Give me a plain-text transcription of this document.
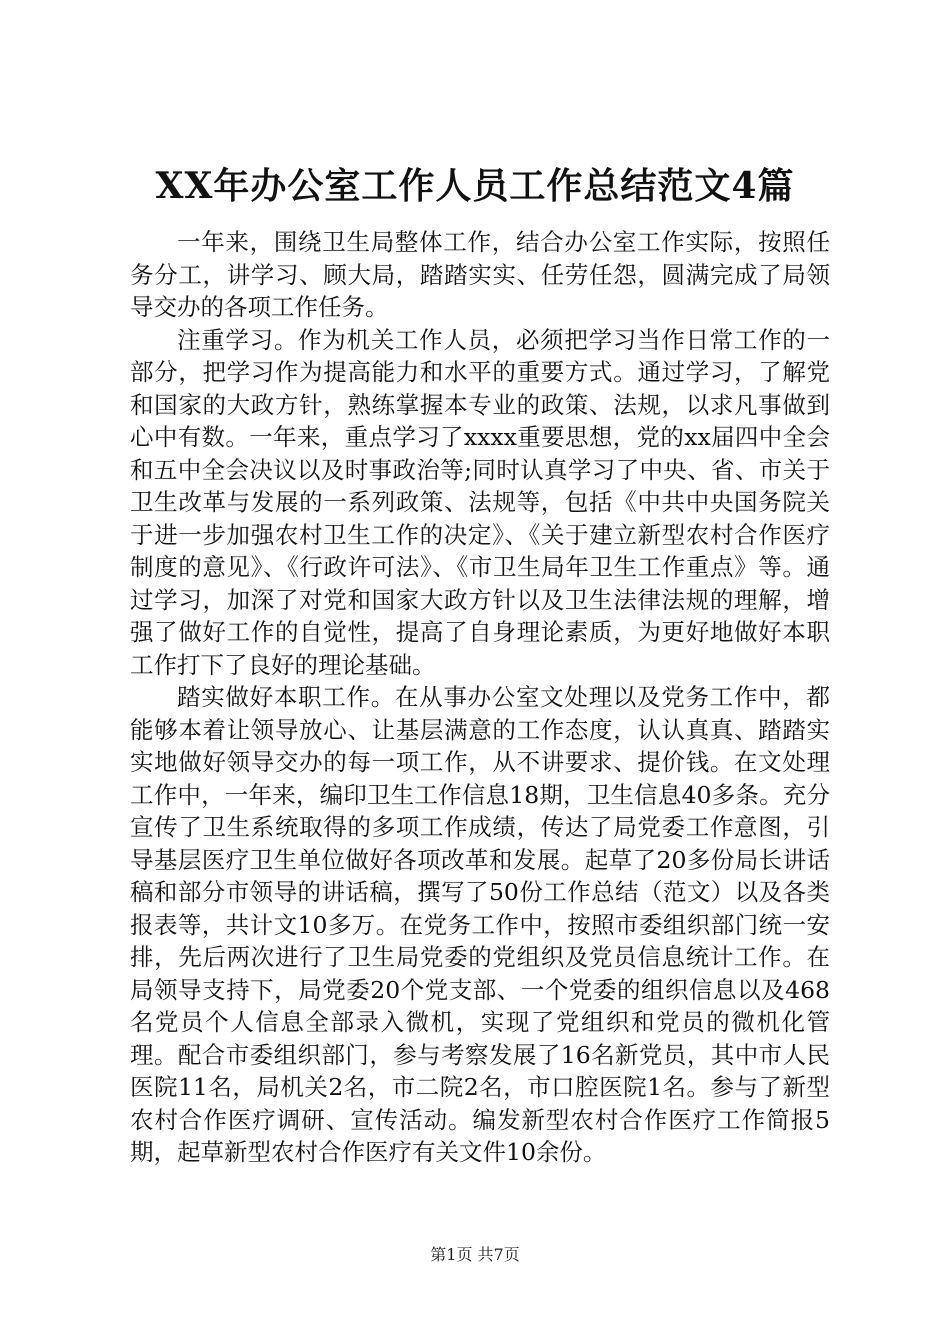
XX年办公室工作人员工作总结范文4篇

一年来，围绕卫生局整体工作，结合办公室工作实际，按照任务分工，讲学习、顾大局，踏踏实实、任劳任怨，圆满完成了局领导交办的各项工作任务。

注重学习。作为机关工作人员，必须把学习当作日常工作的一部分，把学习作为提高能力和水平的重要方式。通过学习，了解党和国家的大政方针，熟练掌握本专业的政策、法规，以求凡事做到心中有数。一年来，重点学习了xxxx重要思想，党的xx届四中全会和五中全会决议以及时事政治等;同时认真学习了中央、省、市关于卫生改革与发展的一系列政策、法规等，包括《中共中央国务院关于进一步加强农村卫生工作的决定》、《关于建立新型农村合作医疗制度的意见》、《行政许可法》、《市卫生局年卫生工作重点》等。通过学习，加深了对党和国家大政方针以及卫生法律法规的理解，增强了做好工作的自觉性，提高了自身理论素质，为更好地做好本职工作打下了良好的理论基础。

踏实做好本职工作。在从事办公室文处理以及党务工作中，都能够本着让领导放心、让基层满意的工作态度，认认真真、踏踏实实地做好领导交办的每一项工作，从不讲要求、提价钱。在文处理工作中，一年来，编印卫生工作信息18期，卫生信息40多条。充分宣传了卫生系统取得的多项工作成绩，传达了局党委工作意图，引导基层医疗卫生单位做好各项改革和发展。起草了20多份局长讲话稿和部分市领导的讲话稿，撰写了50份工作总结（范文）以及各类报表等，共计文10多万。在党务工作中，按照市委组织部门统一安排，先后两次进行了卫生局党委的党组织及党员信息统计工作。在局领导支持下，局党委20个党支部、一个党委的组织信息以及468名党员个人信息全部录入微机，实现了党组织和党员的微机化管理。配合市委组织部门，参与考察发展了16名新党员，其中市人民医院11名，局机关2名，市二院2名，市口腔医院1名。参与了新型农村合作医疗调研、宣传活动。编发新型农村合作医疗工作简报5期，起草新型农村合作医疗有关文件10余份。

第1页 共7页
